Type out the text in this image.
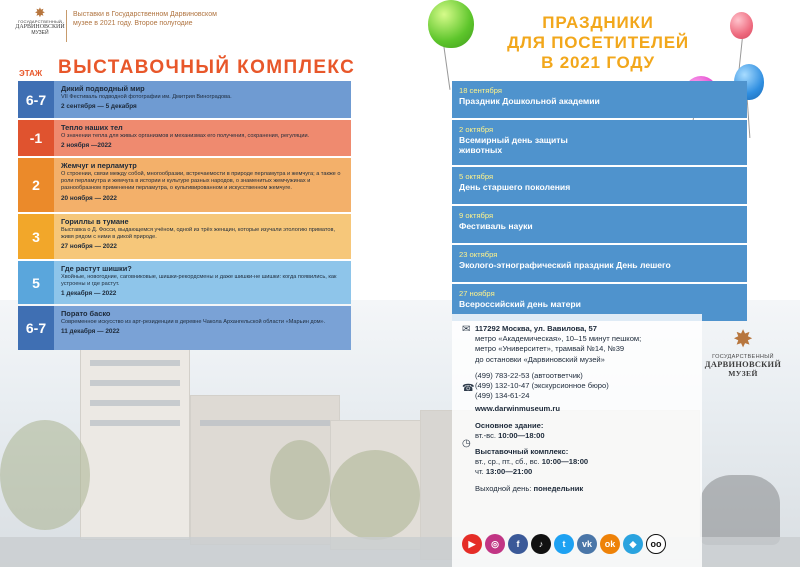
✸
ГОСУДАРСТВЕННЫЙ
ДАРВИНОВСКИЙ
МУЗЕЙ
Выставки в Государственном Дарвиновском музее в 2021 году. Второе полугодие
ЭТАЖ ВЫСТАВОЧНЫЙ КОМПЛЕКС
6-7
Дикий подводный мир
VII Фестиваль подводной фотографии им. Дмитрия Виноградова.
2 сентября — 5 декабря
-1
Тепло наших тел
О значении тепла для живых организмов и механизмах его получения, сохранения, регуляции.
2 ноября —2022
2
Жемчуг и перламутр
О строении, связи между собой, многообразии, встречаемости в природе перламутра и жемчуга; а также о роли перламутра и жемчуга в истории и культуре разных народов, о знаменитых жемчужинах и разнообразном применении перламутра, о культивированном и искусственном жемчуге.
20 ноября — 2022
3
Гориллы в тумане
Выставка о Д. Фосси, выдающемся учёном, одной из трёх женщин, которые изучали этологию приматов, живя рядом с ними в дикой природе.
27 ноября — 2022
5
Где растут шишки?
Хвойные, новогодние, саговниковые, шишки-рекордсмены и даже шишки-не шишки: когда появились, как устроены и где растут.
1 декабря — 2022
6-7
Порато баско
Современное искусство из арт-резиденции в деревне Чакола Архангельской области «Марьин дом».
11 декабря — 2022
ПРАЗДНИКИ
ДЛЯ ПОСЕТИТЕЛЕЙ
В 2021 ГОДУ
18 сентября
Праздник Дошкольной академии
2 октября
Всемирный день защиты животных
5 октября
День старшего поколения
9 октября
Фестиваль науки
23 октября
Эколого-этнографический праздник День лешего
27 ноября
Всероссийский день матери
✉ 117292 Москва, ул. Вавилова, 57
метро «Академическая», 10–15 минут пешком;
метро «Университет», трамвай №14, №39
до остановки «Дарвиновский музей»
☎
(499) 783-22-53 (автоответчик)
(499) 132-10-47 (экскурсионное бюро)
(499) 134-61-24
www.darwinmuseum.ru
◷
Основное здание:
вт.-вс. 10:00—18:00
Выставочный комплекс:
вт., ср., пт., сб., вс. 10:00—18:00
чт. 13:00—21:00
Выходной день: понедельник
▶	◎	f	♪	t	vk	ok	◆	oo
✸
ГОСУДАРСТВЕННЫЙ
ДАРВИНОВСКИЙ
МУЗЕЙ
